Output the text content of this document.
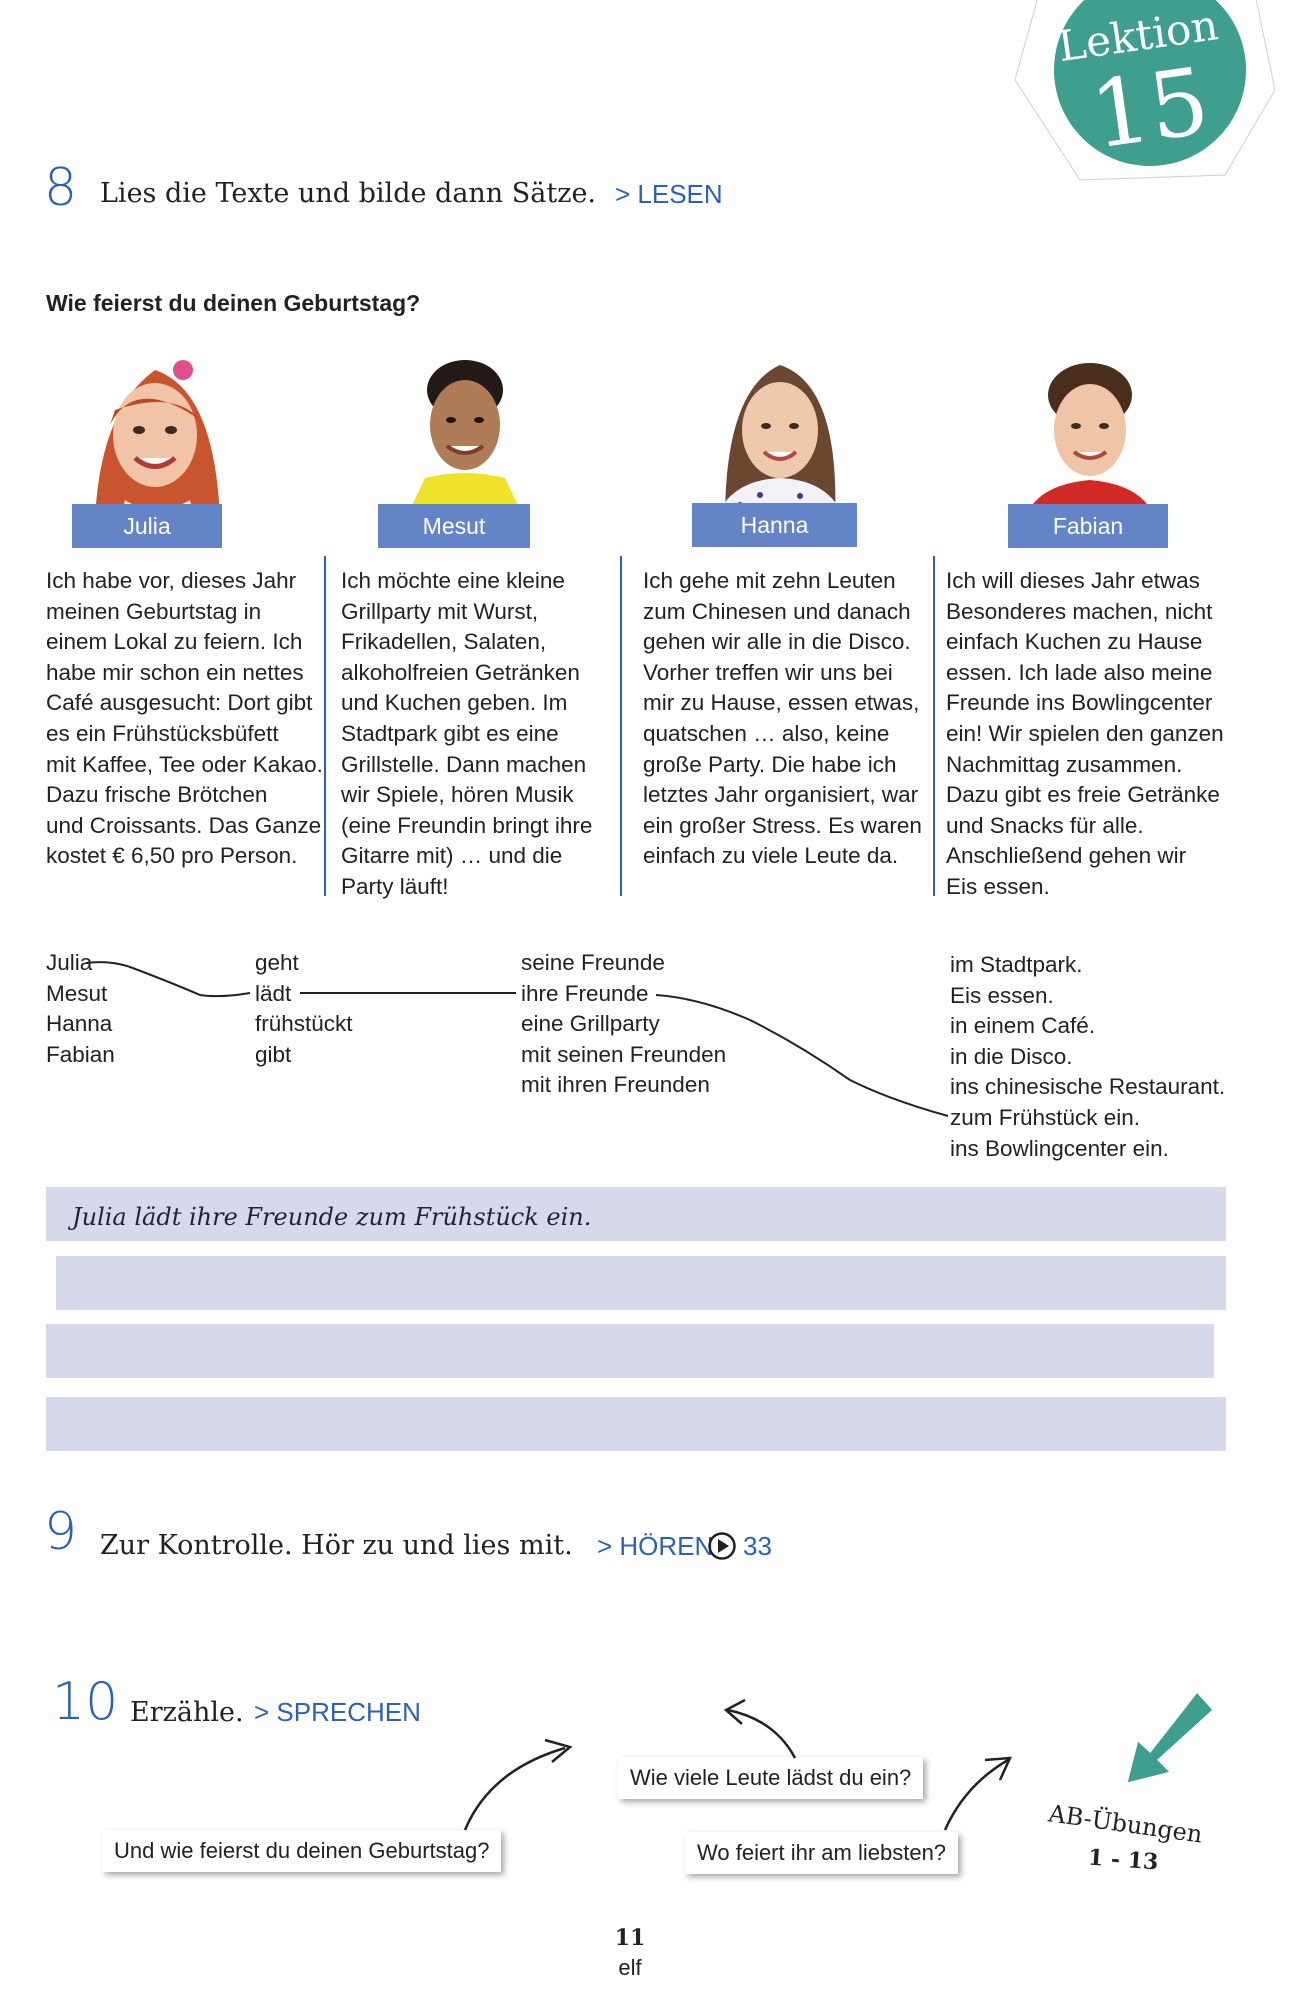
Lektion
15
8 Lies die Texte und bilde dann Sätze. > LESEN
Wie feierst du deinen Geburtstag?
Julia	Mesut	Hanna	Fabian
Ich habe vor, dieses Jahr
meinen Geburtstag in
einem Lokal zu feiern. Ich
habe mir schon ein nettes
Café ausgesucht: Dort gibt
es ein Frühstücksbüfett
mit Kaffee, Tee oder Kakao.
Dazu frische Brötchen
und Croissants. Das Ganze
kostet € 6,50 pro Person.
Ich möchte eine kleine
Grillparty mit Wurst,
Frikadellen, Salaten,
alkoholfreien Getränken
und Kuchen geben. Im
Stadtpark gibt es eine
Grillstelle. Dann machen
wir Spiele, hören Musik
(eine Freundin bringt ihre
Gitarre mit) … und die
Party läuft!
Ich gehe mit zehn Leuten
zum Chinesen und danach
gehen wir alle in die Disco.
Vorher treffen wir uns bei
mir zu Hause, essen etwas,
quatschen … also, keine
große Party. Die habe ich
letztes Jahr organisiert, war
ein großer Stress. Es waren
einfach zu viele Leute da.
Ich will dieses Jahr etwas
Besonderes machen, nicht
einfach Kuchen zu Hause
essen. Ich lade also meine
Freunde ins Bowlingcenter
ein! Wir spielen den ganzen
Nachmittag zusammen.
Dazu gibt es freie Getränke
und Snacks für alle.
Anschließend gehen wir
Eis essen.
Julia
Mesut
Hanna
Fabian
geht
lädt
frühstückt
gibt
seine Freunde
ihre Freunde
eine Grillparty
mit seinen Freunden
mit ihren Freunden
im Stadtpark.
Eis essen.
in einem Café.
in die Disco.
ins chinesische Restaurant.
zum Frühstück ein.
ins Bowlingcenter ein.
Julia lädt ihre Freunde zum Frühstück ein.
9 Zur Kontrolle. Hör zu und lies mit. > HÖREN 33
10 Erzähle. > SPRECHEN
Wie viele Leute lädst du ein?
Und wie feierst du deinen Geburtstag?	Wo feiert ihr am liebsten?
AB-Übungen
1 - 13
11
elf
